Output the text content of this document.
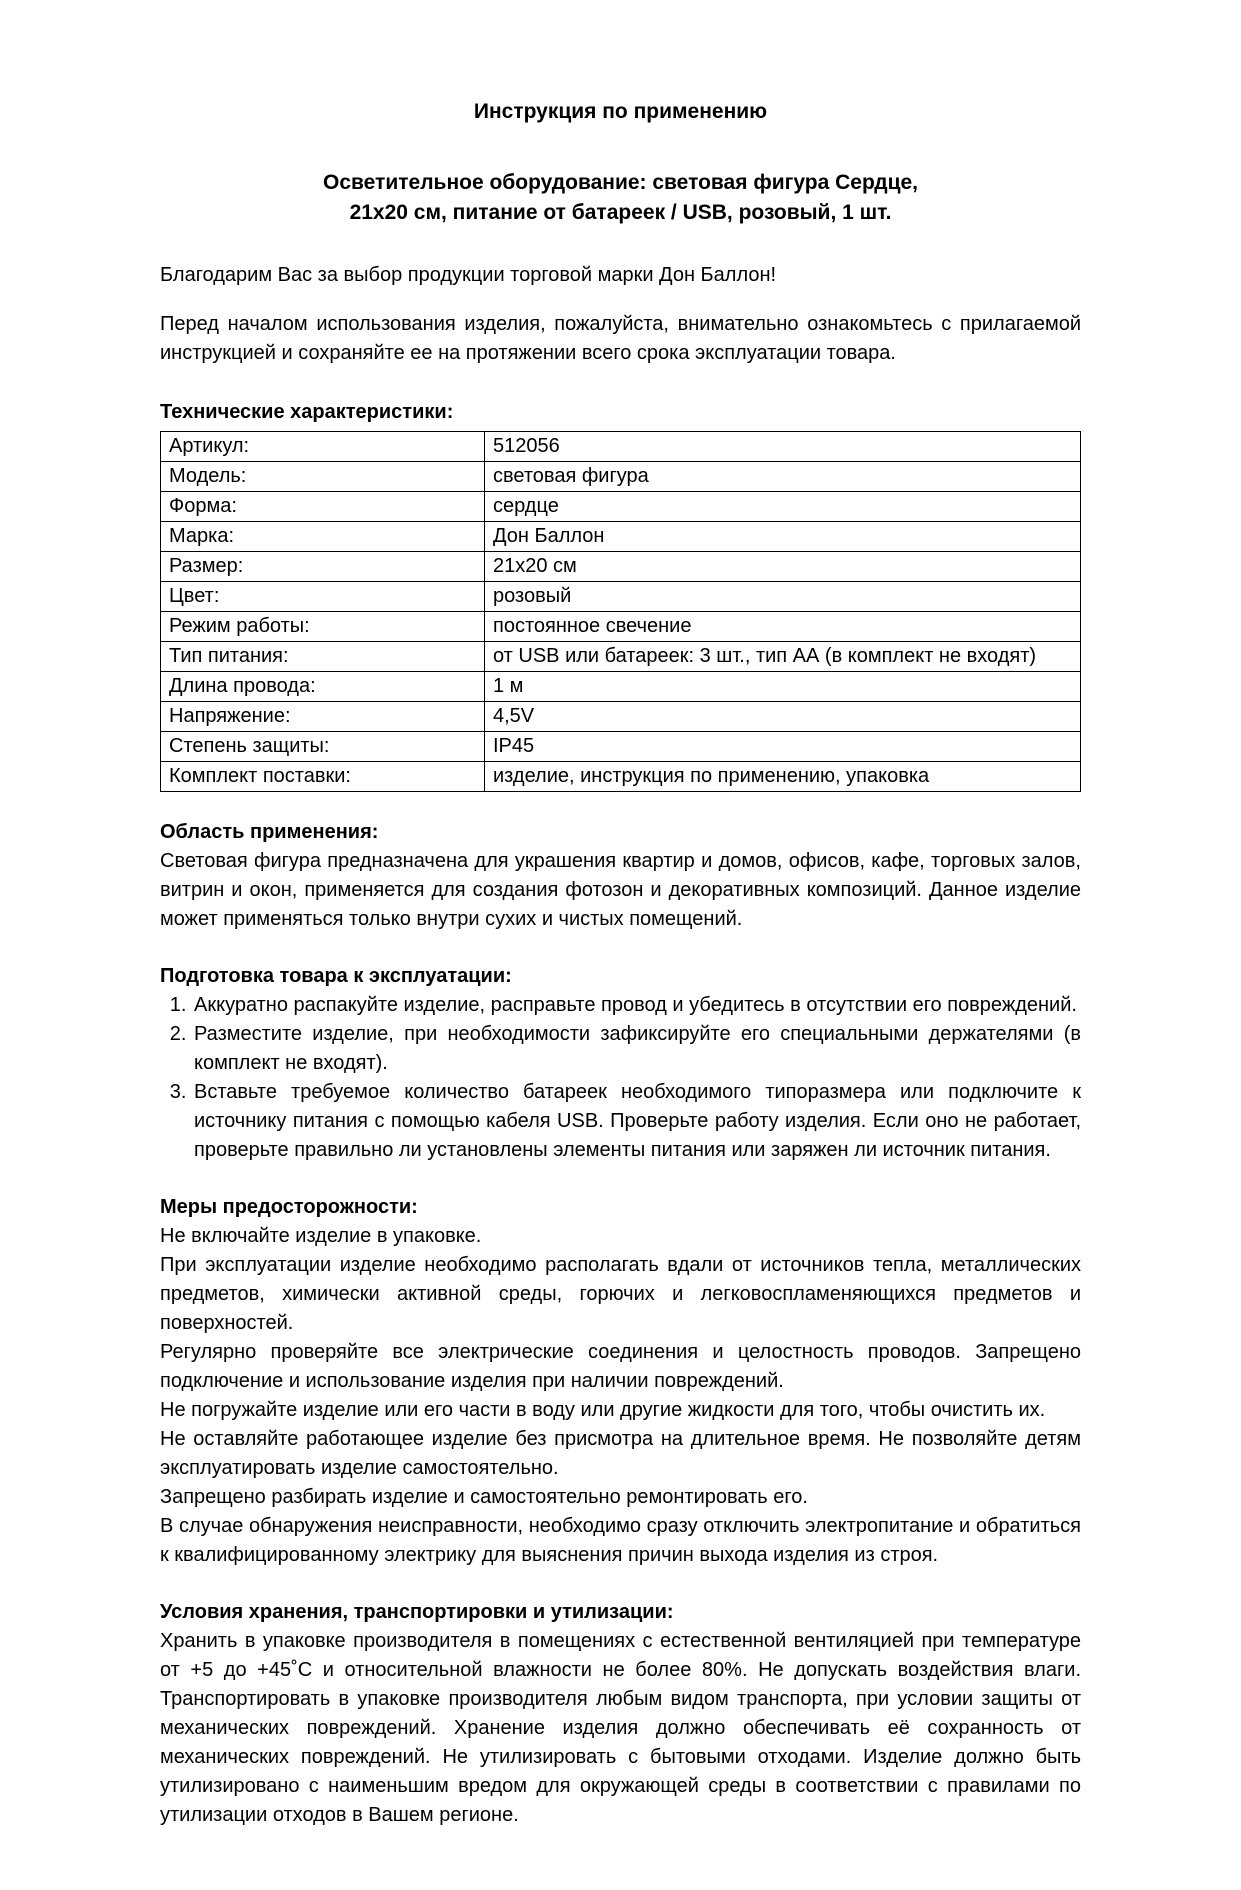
Инструкция по применению
Осветительное оборудование: световая фигура Сердце,
21х20 см, питание от батареек / USB, розовый, 1 шт.

Благодарим Вас за выбор продукции торговой марки Дон Баллон!

Перед началом использования изделия, пожалуйста, внимательно ознакомьтесь с прилагаемой инструкцией и сохраняйте ее на протяжении всего срока эксплуатации товара.

Технические характеристики:
Артикул:	512056
Модель:	световая фигура
Форма:	сердце
Марка:	Дон Баллон
Размер:	21х20 см
Цвет:	розовый
Режим работы:	постоянное свечение
Тип питания:	от USB или батареек: 3 шт., тип АА (в комплект не входят)
Длина провода:	1 м
Напряжение:	4,5V
Степень защиты:	IP45
Комплект поставки:	изделие, инструкция по применению, упаковка
Область применения:

Световая фигура предназначена для украшения квартир и домов, офисов, кафе, торговых залов, витрин и окон, применяется для создания фотозон и декоративных композиций. Данное изделие может применяться только внутри сухих и чистых помещений.

Подготовка товара к эксплуатации:
1. Аккуратно распакуйте изделие, расправьте провод и убедитесь в отсутствии его повреждений.
2. Разместите изделие, при необходимости зафиксируйте его специальными держателями (в комплект не входят).
3. Вставьте требуемое количество батареек необходимого типоразмера или подключите к источнику питания с помощью кабеля USB. Проверьте работу изделия. Если оно не работает, проверьте правильно ли установлены элементы питания или заряжен ли источник питания.
Меры предосторожности:

Не включайте изделие в упаковке.

При эксплуатации изделие необходимо располагать вдали от источников тепла, металлических предметов, химически активной среды, горючих и легковоспламеняющихся предметов и поверхностей.

Регулярно проверяйте все электрические соединения и целостность проводов. Запрещено подключение и использование изделия при наличии повреждений.

Не погружайте изделие или его части в воду или другие жидкости для того, чтобы очистить их.

Не оставляйте работающее изделие без присмотра на длительное время. Не позволяйте детям эксплуатировать изделие самостоятельно.

Запрещено разбирать изделие и самостоятельно ремонтировать его.

В случае обнаружения неисправности, необходимо сразу отключить электропитание и обратиться к квалифицированному электрику для выяснения причин выхода изделия из строя.

Условия хранения, транспортировки и утилизации:

Хранить в упаковке производителя в помещениях с естественной вентиляцией при температуре от +5 до +45˚С и относительной влажности не более 80%. Не допускать воздействия влаги. Транспортировать в упаковке производителя любым видом транспорта, при условии защиты от механических повреждений. Хранение изделия должно обеспечивать её сохранность от механических повреждений. Не утилизировать с бытовыми отходами. Изделие должно быть утилизировано с наименьшим вредом для окружающей среды в соответствии с правилами по утилизации отходов в Вашем регионе.
